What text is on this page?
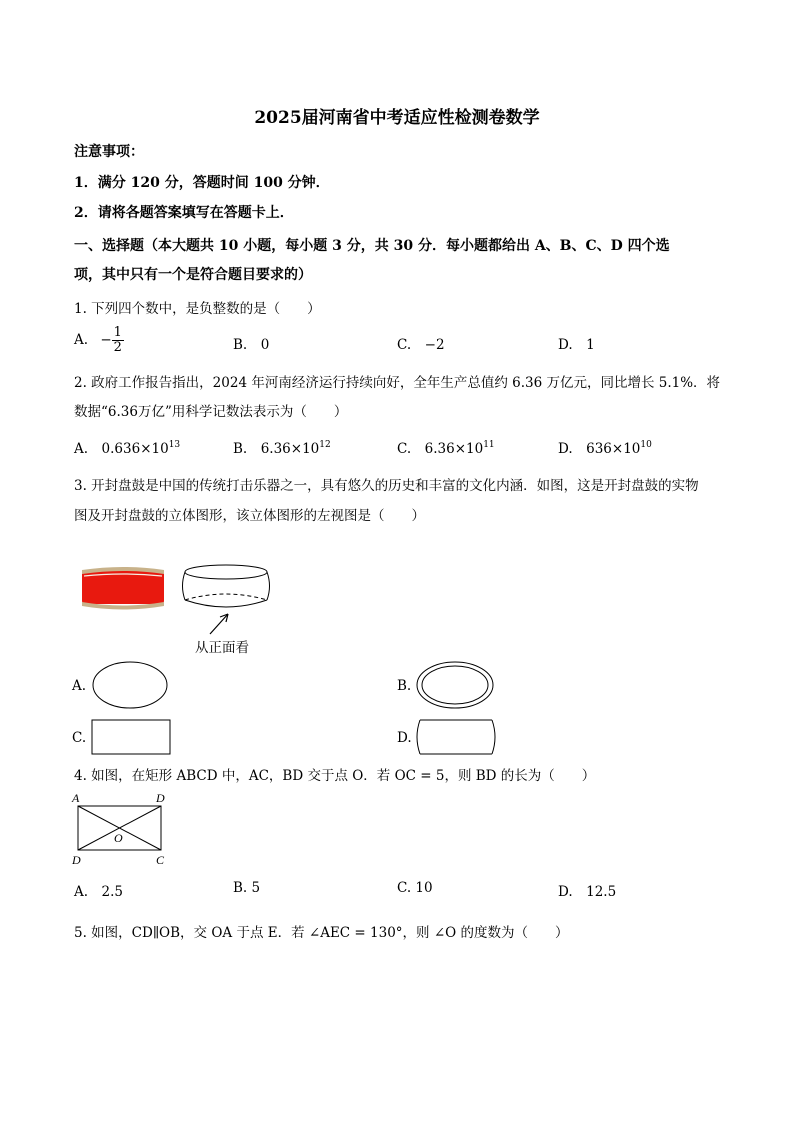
2025届河南省中考适应性检测卷数学
注意事项：
1．满分 120 分，答题时间 100 分钟．
2．请将各题答案填写在答题卡上．
一、选择题（本大题共 10 小题，每小题 3 分，共 30 分．每小题都给出 A、B、C、D 四个选
项，其中只有一个是符合题目要求的）
1. 下列四个数中，是负整数的是（　　）
A. − $\frac{1}{2}$	B.　0	C.　−2	D.　1
2. 政府工作报告指出，2024 年河南经济运行持续向好，全年生产总值约 6.36 万亿元，同比增长 5.1%．将
数据“6.36万亿”用科学记数法表示为（　　）
A.　$0.636\times 10^{13}$	B.　$6.36\times 10^{12}$	C.　$6.36\times 10^{11}$	D.　$636\times 10^{10}$
3. 开封盘鼓是中国的传统打击乐器之一，具有悠久的历史和丰富的文化内涵．如图，这是开封盘鼓的实物
图及开封盘鼓的立体图形，该立体图形的左视图是（　　）
从正面看
A.	B.
C.	D.
4. 如图，在矩形 ABCD 中，AC，BD 交于点 O．若 OC = 5，则 BD 的长为（　　）
A	D
D	C
O
A.　2.5	B. 5	C. 10	D.　12.5
5. 如图，CD∥OB，交 OA 于点 E．若 ∠AEC = 130°，则 ∠O 的度数为（　　）
